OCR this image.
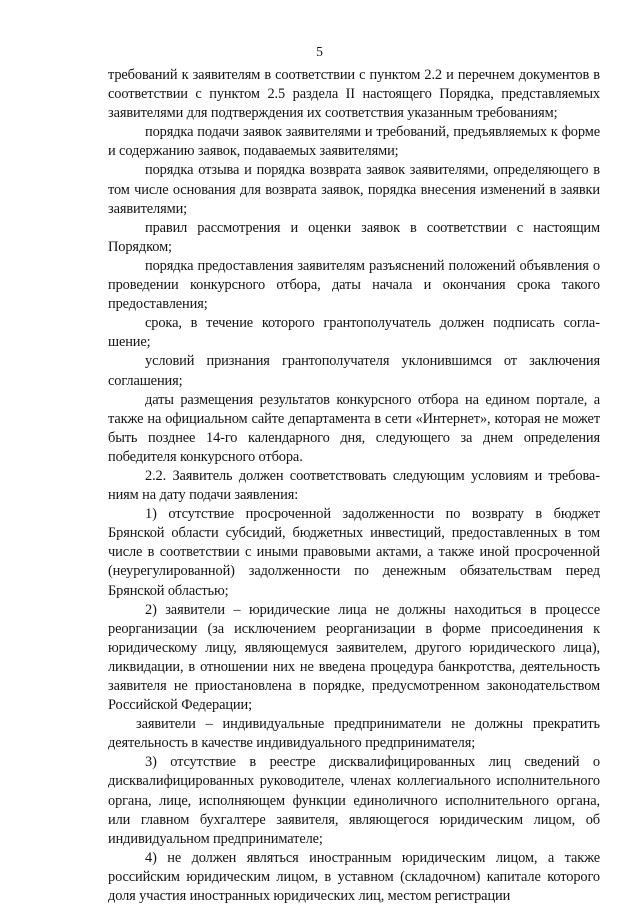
5

требований к заявителям в соответствии с пунктом 2.2 и перечнем документов в соответствии с пунктом 2.5 раздела II настоящего Порядка, представляемых заявителями для подтверждения их соответствия указанным требованиям;

порядка подачи заявок заявителями и требований, предъявляемых к форме и содержанию заявок, подаваемых заявителями;

порядка отзыва и порядка возврата заявок заявителями, определяющего в том числе основания для возврата заявок, порядка внесения изменений в заявки заявителями;

правил рассмотрения и оценки заявок в соответствии с настоящим Порядком;

порядка предоставления заявителям разъяснений положений объявления о проведении конкурсного отбора, даты начала и окончания срока такого предоставления;

срока, в течение которого грантополучатель должен подписать соглашение;

условий признания грантополучателя уклонившимся от заключения соглашения;

даты размещения результатов конкурсного отбора на едином портале, а также на официальном сайте департамента в сети «Интернет», которая не может быть позднее 14-го календарного дня, следующего за днем определения победителя конкурсного отбора.

2.2. Заявитель должен соответствовать следующим условиям и требованиям на дату подачи заявления:

1) отсутствие просроченной задолженности по возврату в бюджет Брянской области субсидий, бюджетных инвестиций, предоставленных в том числе в соответствии с иными правовыми актами, а также иной просроченной (неурегулированной) задолженности по денежным обязательствам перед Брянской областью;

2) заявители – юридические лица не должны находиться в процессе реорганизации (за исключением реорганизации в форме присоединения к юридическому лицу, являющемуся заявителем, другого юридического лица), ликвидации, в отношении них не введена процедура банкротства, деятельность заявителя не приостановлена в порядке, предусмотренном законодательством Российской Федерации;

заявители – индивидуальные предприниматели не должны прекратить деятельность в качестве индивидуального предпринимателя;

3) отсутствие в реестре дисквалифицированных лиц сведений о дисквалифицированных руководителе, членах коллегиального исполнительного органа, лице, исполняющем функции единоличного исполнительного органа, или главном бухгалтере заявителя, являющегося юридическим лицом, об индивидуальном предпринимателе;

4) не должен являться иностранным юридическим лицом, а также российским юридическим лицом, в уставном (складочном) капитале которого доля участия иностранных юридических лиц, местом регистрации
